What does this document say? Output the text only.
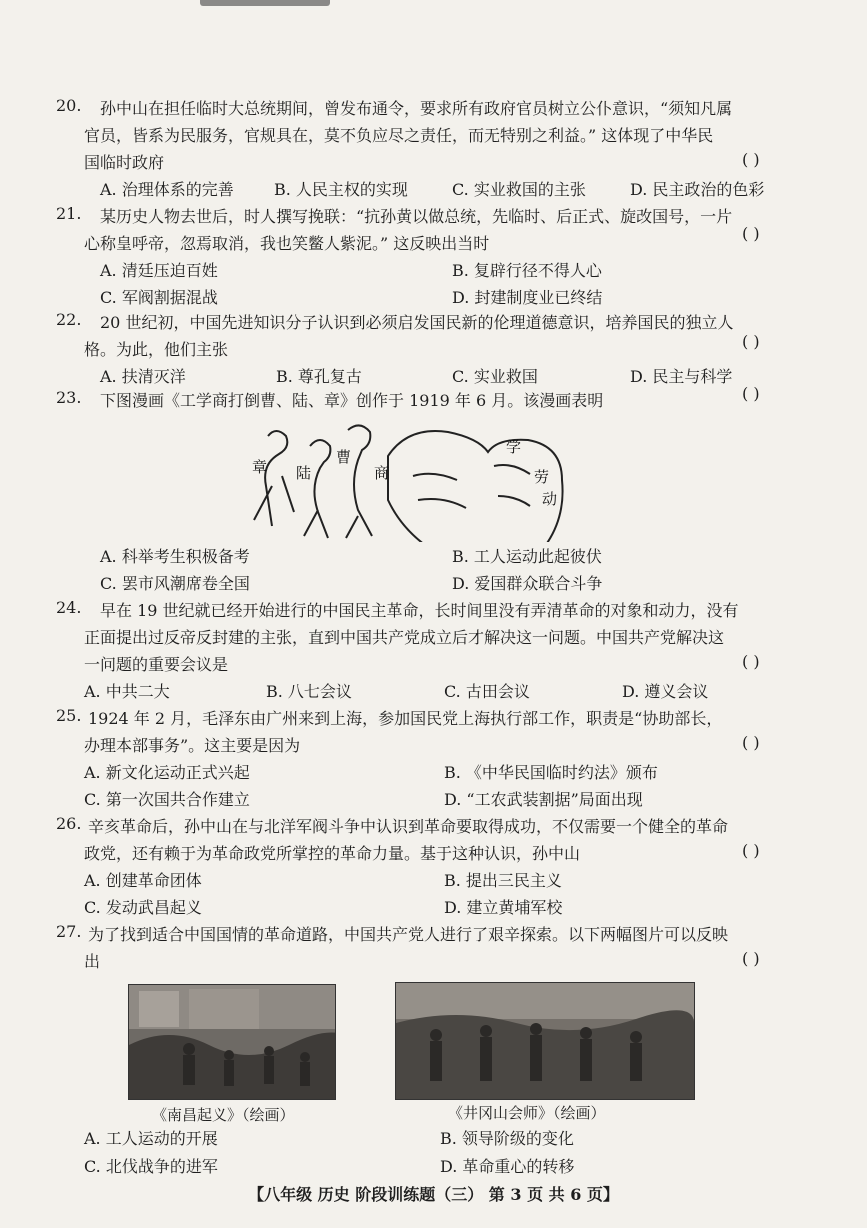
20. 孙中山在担任临时大总统期间，曾发布通令，要求所有政府官员树立公仆意识，“须知凡属
官员，皆系为民服务，官规具在，莫不负应尽之责任，而无特别之利益。” 这体现了中华民
国临时政府	( )
A. 治理体系的完善	B. 人民主权的实现	C. 实业救国的主张	D. 民主政治的色彩
21. 某历史人物去世后，时人撰写挽联：“抗孙黄以做总统，先临时、后正式、旋改国号，一片
心称皇呼帝，忽焉取消，我也笑鳖人紫泥。” 这反映出当时
( )
A. 清廷压迫百姓	B. 复辟行径不得人心
C. 军阀割据混战	D. 封建制度业已终结
22. 20 世纪初，中国先进知识分子认识到必须启发国民新的伦理道德意识，培养国民的独立人
格。为此，他们主张	( )
A. 扶清灭洋	B. 尊孔复古	C. 实业救国	D. 民主与科学
23. 下图漫画《工学商打倒曹、陆、章》创作于 1919 年 6 月。该漫画表明	( )
章 陆
曹
商
学
劳
动
A. 科举考生积极备考	B. 工人运动此起彼伏
C. 罢市风潮席卷全国	D. 爱国群众联合斗争
24. 早在 19 世纪就已经开始进行的中国民主革命，长时间里没有弄清革命的对象和动力，没有
正面提出过反帝反封建的主张，直到中国共产党成立后才解决这一问题。中国共产党解决这
一问题的重要会议是	( )
A. 中共二大	B. 八七会议	C. 古田会议	D. 遵义会议
25. 1924 年 2 月，毛泽东由广州来到上海，参加国民党上海执行部工作，职责是“协助部长，
办理本部事务”。这主要是因为	( )
A. 新文化运动正式兴起	B. 《中华民国临时约法》颁布
C. 第一次国共合作建立	D. “工农武装割据”局面出现
26. 辛亥革命后，孙中山在与北洋军阀斗争中认识到革命要取得成功，不仅需要一个健全的革命
政党，还有赖于为革命政党所掌控的革命力量。基于这种认识，孙中山	( )
A. 创建革命团体	B. 提出三民主义
C. 发动武昌起义	D. 建立黄埔军校
27. 为了找到适合中国国情的革命道路，中国共产党人进行了艰辛探索。以下两幅图片可以反映
出	( )
《南昌起义》（绘画）	《井冈山会师》（绘画）
A. 工人运动的开展	B. 领导阶级的变化
C. 北伐战争的进军	D. 革命重心的转移
【八年级 历史 阶段训练题（三） 第 3 页 共 6 页】
